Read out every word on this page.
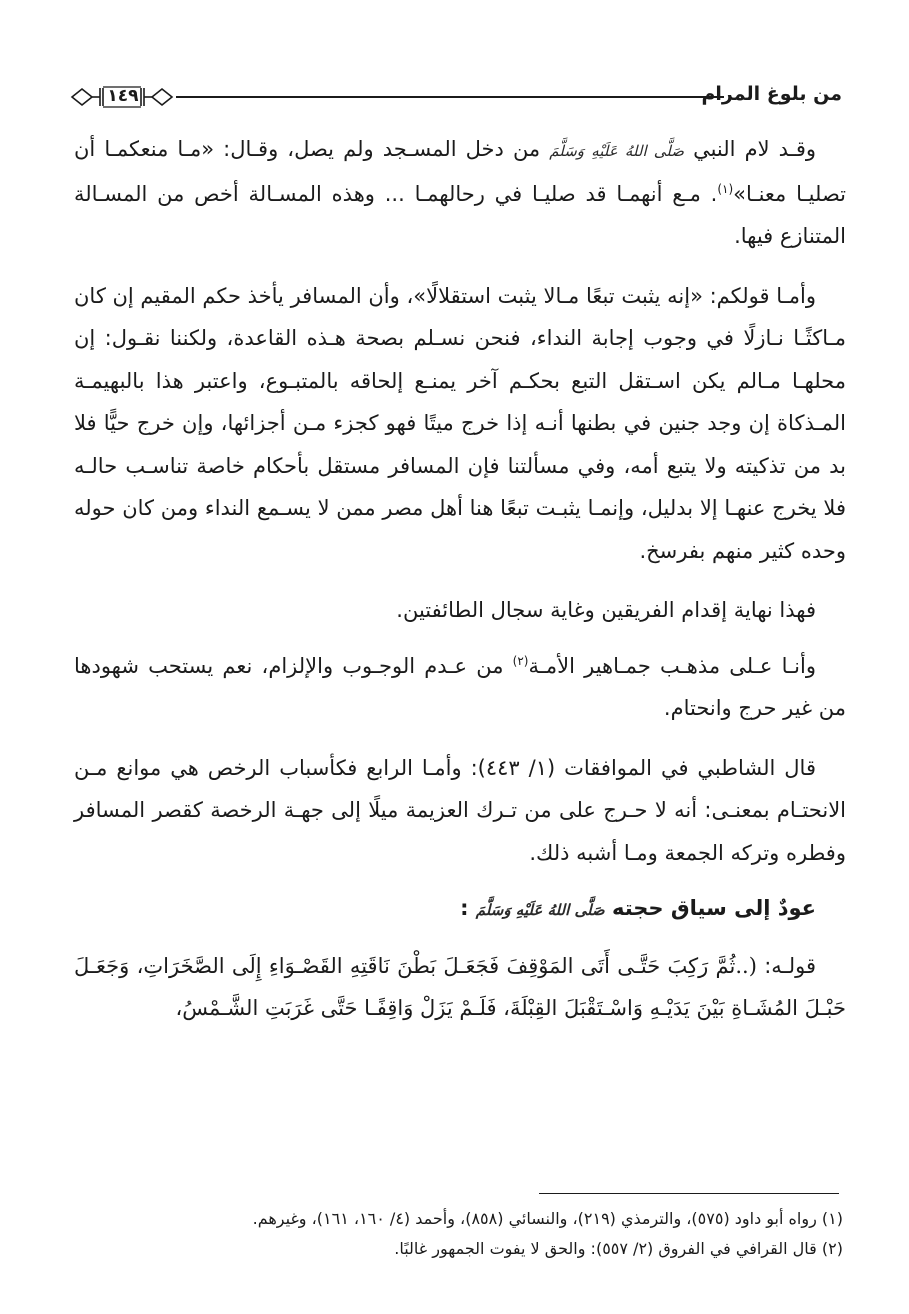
من بلوغ المرام
١٤٩

وقـد لام النبي صَلَّى اللهُ عَلَيْهِ وَسَلَّمَ من دخل المسـجد ولم يصل، وقـال: «مـا منعكمـا أن تصليـا معنـا»$^{(١)}$. مـع أنهمـا قد صليـا في رحالهمـا ... وهذه المسـالة أخص من المسـالة المتنازع فيها.

وأمـا قولكم: «إنه يثبت تبعًا مـالا يثبت استقلالًا»، وأن المسافر يأخذ حكم المقيم إن كان مـاكثًـا نـازلًا في وجوب إجابة النداء، فنحن نسـلم بصحة هـذه القاعدة، ولكننا نقـول: إن محلهـا مـالم يكن اسـتقل التبع بحكـم آخر يمنـع إلحاقه بالمتبـوع، واعتبر هذا بالبهيمـة المـذكاة إن وجد جنين في بطنها أنـه إذا خرج ميتًا فهو كجزء مـن أجزائها، وإن خرج حيًّا فلا بد من تذكيته ولا يتبع أمه، وفي مسألتنا فإن المسافر مستقل بأحكام خاصة تناسـب حالـه فلا يخرج عنهـا إلا بدليل، وإنمـا يثبـت تبعًا هنا أهل مصر ممن لا يسـمع النداء ومن كان حوله وحده كثير منهم بفرسخ.

فهذا نهاية إقدام الفريقين وغاية سجال الطائفتين.

وأنـا عـلى مذهـب جمـاهير الأمـة$^{(٢)}$ من عـدم الوجـوب والإلزام، نعم يستحب شهودها من غير حرج وانحتام.

قال الشاطبي في الموافقات (١/ ٤٤٣): وأمـا الرابع فكأسباب الرخص هي موانع مـن الانحتـام بمعنـى: أنه لا حـرج على من تـرك العزيمة ميلًا إلى جهـة الرخصة كقصر المسافر وفطره وتركه الجمعة ومـا أشبه ذلك.

عودٌ إلى سياق حجته صَلَّى اللهُ عَلَيْهِ وَسَلَّمَ :

قولـه: (..ثُمَّ رَكِبَ حَتَّـى أَتَى المَوْقِفَ فَجَعَـلَ بَطْنَ نَاقَتِهِ القَصْـوَاءِ إِلَى الصَّخَرَاتِ، وَجَعَـلَ حَبْـلَ المُشَـاةِ بَيْنَ يَدَيْـهِ وَاسْـتَقْبَلَ القِبْلَةَ، فَلَـمْ يَزَلْ وَاقِفًـا حَتَّى غَرَبَتِ الشَّـمْسُ،

(١) رواه أبو داود (٥٧٥)، والترمذي (٢١٩)، والنسائي (٨٥٨)، وأحمد (٤/ ١٦٠، ١٦١)، وغيرهم.

(٢) قال القرافي في الفروق (٢/ ٥٥٧): والحق لا يفوت الجمهور غالبًا.
